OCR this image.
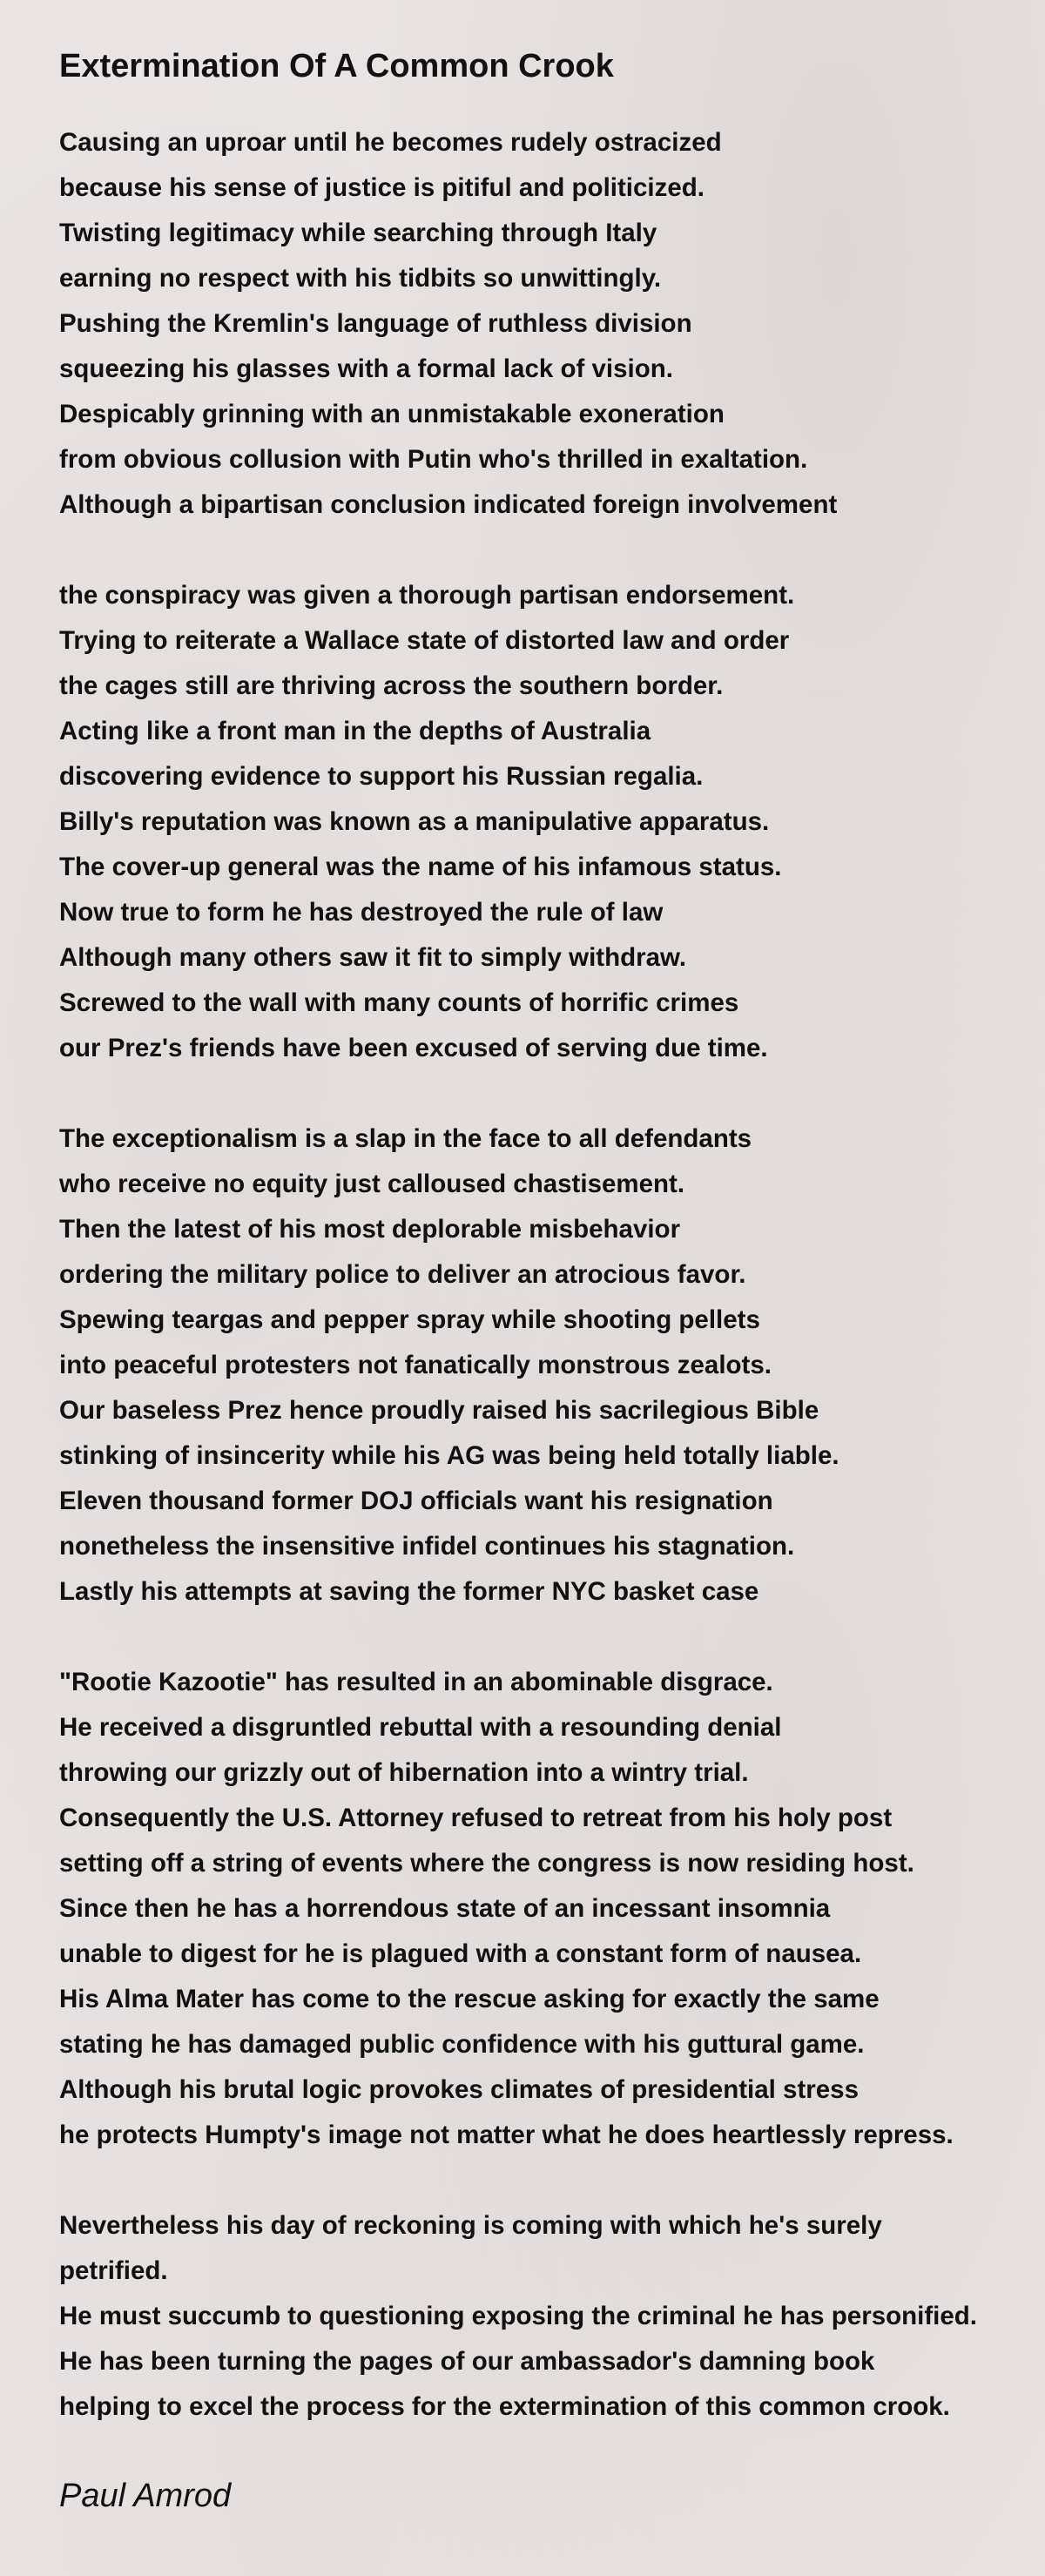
Extermination Of A Common Crook
Causing an uproar until he becomes rudely ostracized
because his sense of justice is pitiful and politicized.
Twisting legitimacy while searching through Italy
earning no respect with his tidbits so unwittingly.
Pushing the Kremlin's language of ruthless division
squeezing his glasses with a formal lack of vision.
Despicably grinning with an unmistakable exoneration
from obvious collusion with Putin who's thrilled in exaltation.
Although a bipartisan conclusion indicated foreign involvement
the conspiracy was given a thorough partisan endorsement.
Trying to reiterate a Wallace state of distorted law and order
the cages still are thriving across the southern border.
Acting like a front man in the depths of Australia
discovering evidence to support his Russian regalia.
Billy's reputation was known as a manipulative apparatus.
The cover-up general was the name of his infamous status.
Now true to form he has destroyed the rule of law
Although many others saw it fit to simply withdraw.
Screwed to the wall with many counts of horrific crimes
our Prez's friends have been excused of serving due time.
The exceptionalism is a slap in the face to all defendants
who receive no equity just calloused chastisement.
Then the latest of his most deplorable misbehavior
ordering the military police to deliver an atrocious favor.
Spewing teargas and pepper spray while shooting pellets
into peaceful protesters not fanatically monstrous zealots.
Our baseless Prez hence proudly raised his sacrilegious Bible
stinking of insincerity while his AG was being held totally liable.
Eleven thousand former DOJ officials want his resignation
nonetheless the insensitive infidel continues his stagnation.
Lastly his attempts at saving the former NYC basket case
"Rootie Kazootie" has resulted in an abominable disgrace.
He received a disgruntled rebuttal with a resounding denial
throwing our grizzly out of hibernation into a wintry trial.
Consequently the U.S. Attorney refused to retreat from his holy post
setting off a string of events where the congress is now residing host.
Since then he has a horrendous state of an incessant insomnia
unable to digest for he is plagued with a constant form of nausea.
His Alma Mater has come to the rescue asking for exactly the same
stating he has damaged public confidence with his guttural game.
Although his brutal logic provokes climates of presidential stress
he protects Humpty's image not matter what he does heartlessly repress.
Nevertheless his day of reckoning is coming with which he's surely
petrified.
He must succumb to questioning exposing the criminal he has personified.
He has been turning the pages of our ambassador's damning book
helping to excel the process for the extermination of this common crook.
Paul Amrod
